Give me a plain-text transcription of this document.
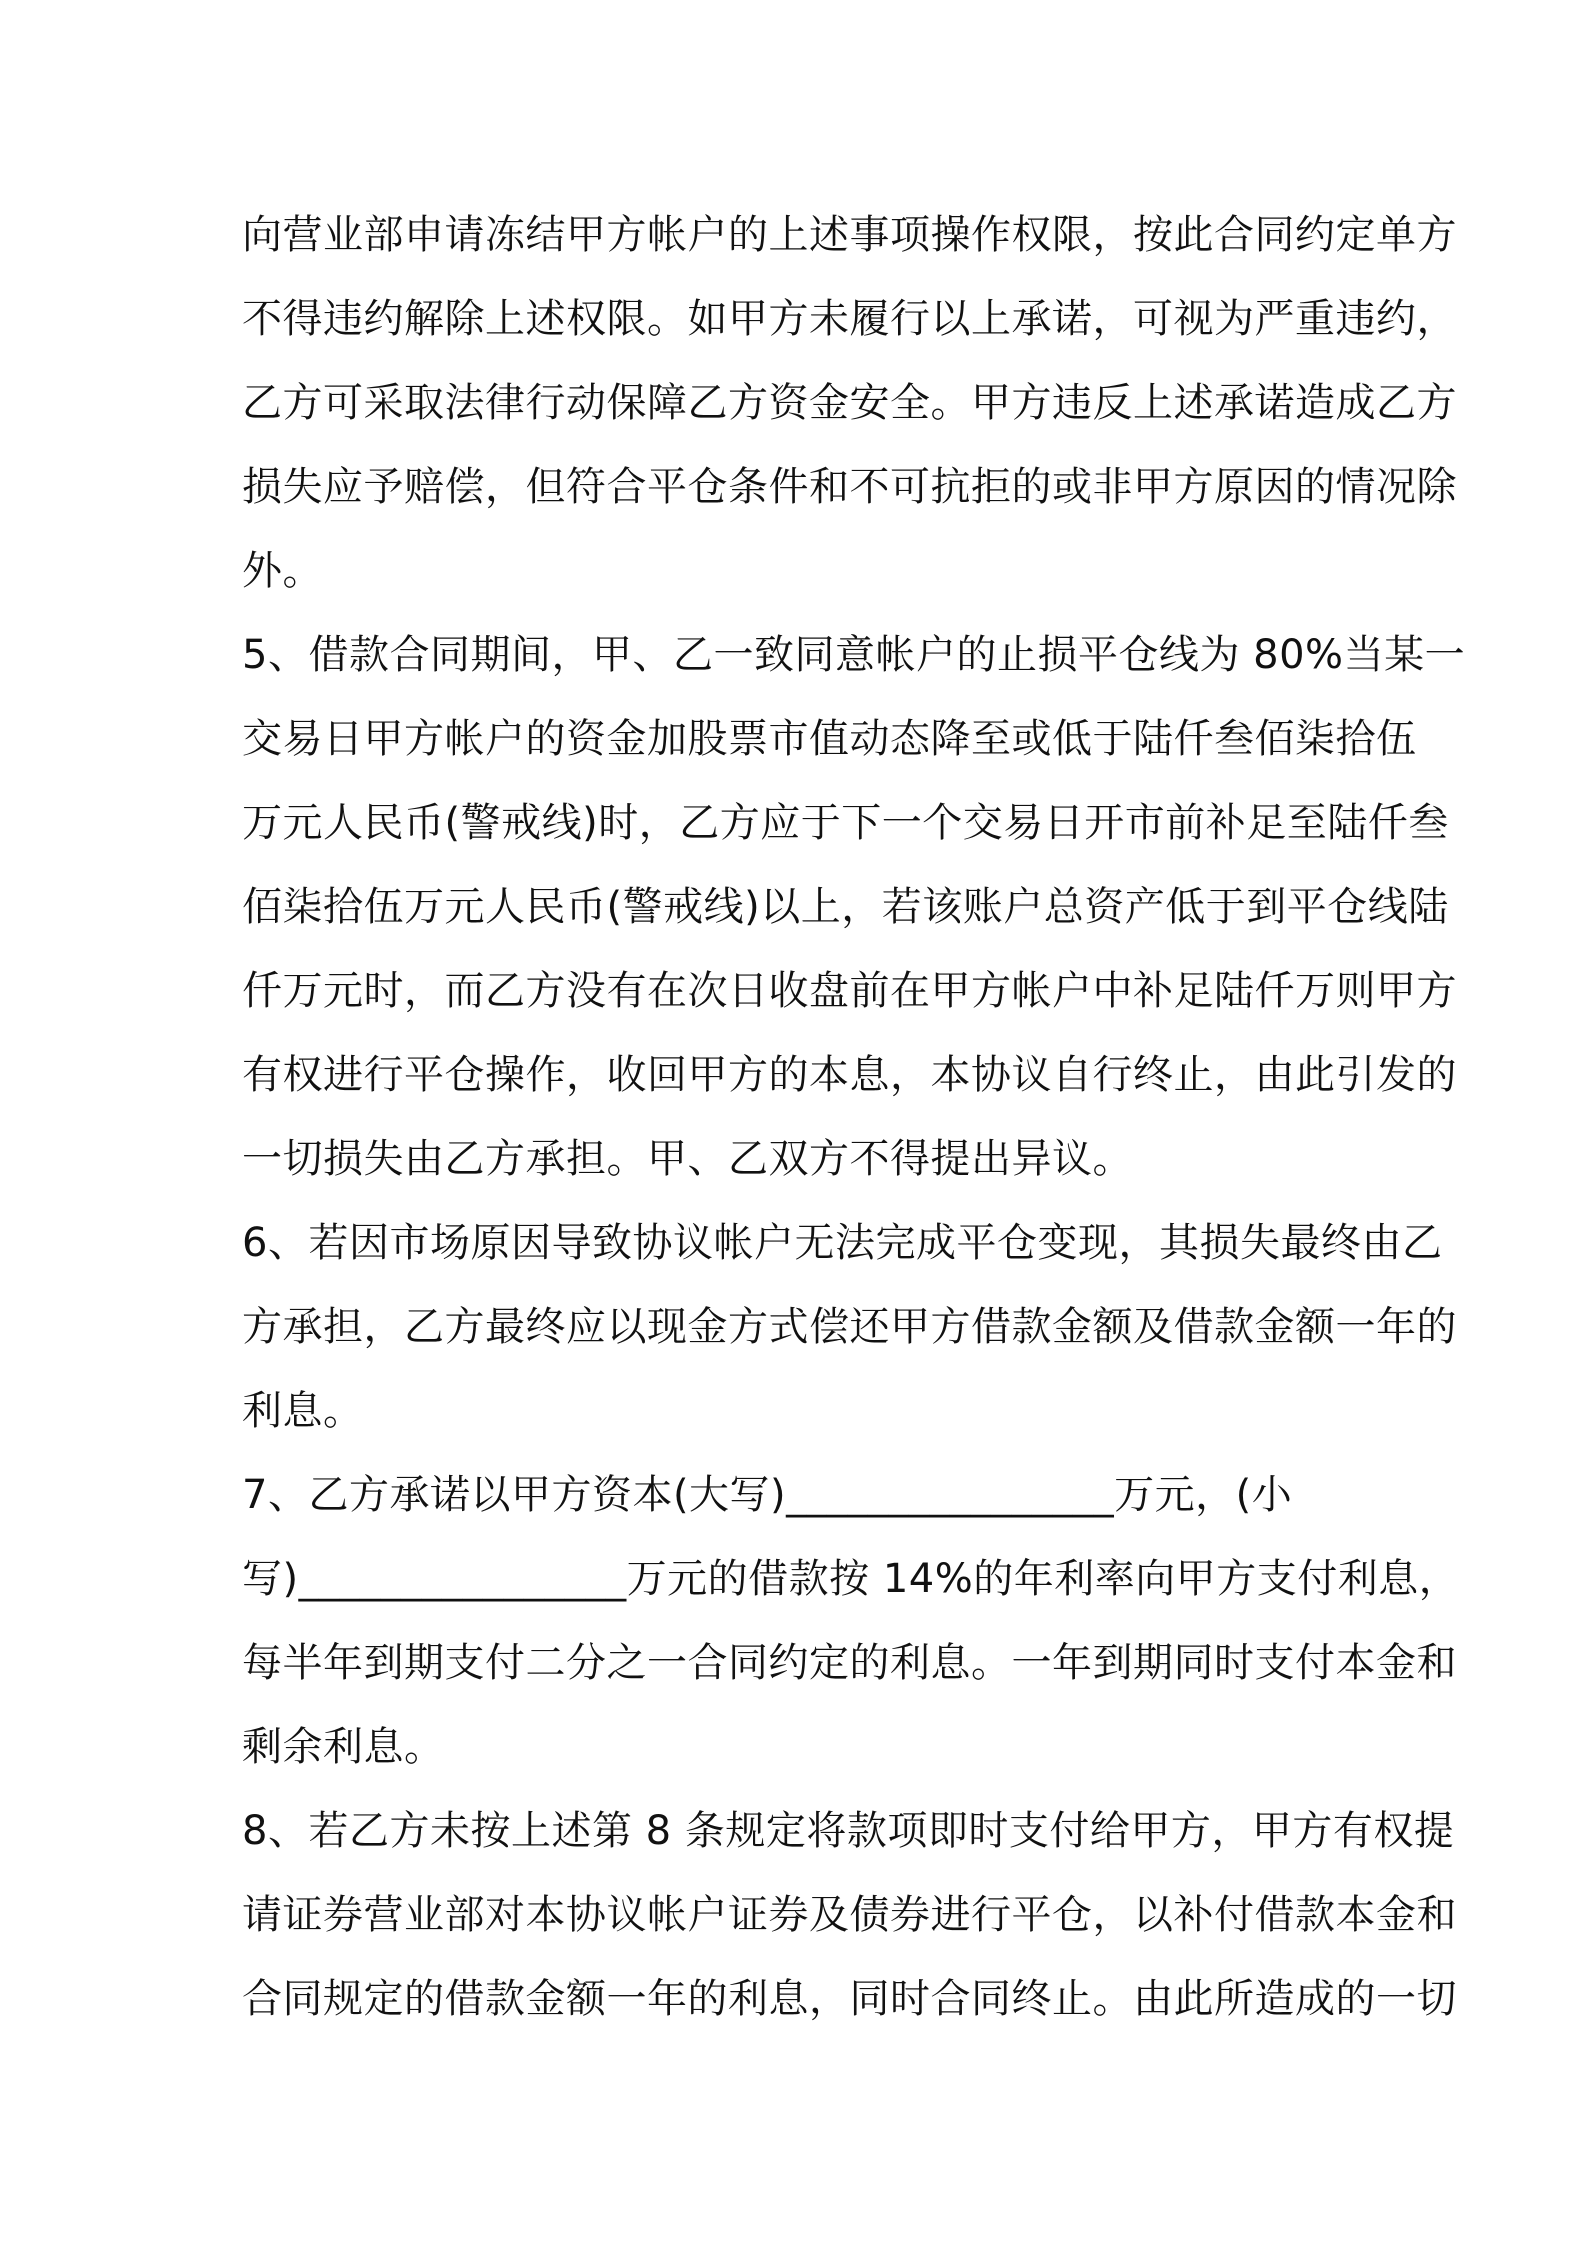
向营业部申请冻结甲方帐户的上述事项操作权限，按此合同约定单方
不得违约解除上述权限。如甲方未履行以上承诺，可视为严重违约，
乙方可采取法律行动保障乙方资金安全。甲方违反上述承诺造成乙方
损失应予赔偿，但符合平仓条件和不可抗拒的或非甲方原因的情况除
外。
5、借款合同期间，甲、乙一致同意帐户的止损平仓线为 80%当某一
交易日甲方帐户的资金加股票市值动态降至或低于陆仟叁佰柒拾伍
万元人民币(警戒线)时，乙方应于下一个交易日开市前补足至陆仟叁
佰柒拾伍万元人民币(警戒线)以上，若该账户总资产低于到平仓线陆
仟万元时，而乙方没有在次日收盘前在甲方帐户中补足陆仟万则甲方
有权进行平仓操作，收回甲方的本息，本协议自行终止，由此引发的
一切损失由乙方承担。甲、乙双方不得提出异议。
6、若因市场原因导致协议帐户无法完成平仓变现，其损失最终由乙
方承担，乙方最终应以现金方式偿还甲方借款金额及借款金额一年的
利息。
7、乙方承诺以甲方资本(大写)________________万元，(小
写)________________万元的借款按 14%的年利率向甲方支付利息，
每半年到期支付二分之一合同约定的利息。一年到期同时支付本金和
剩余利息。
8、若乙方未按上述第 8 条规定将款项即时支付给甲方，甲方有权提
请证券营业部对本协议帐户证券及债券进行平仓，以补付借款本金和
合同规定的借款金额一年的利息，同时合同终止。由此所造成的一切
